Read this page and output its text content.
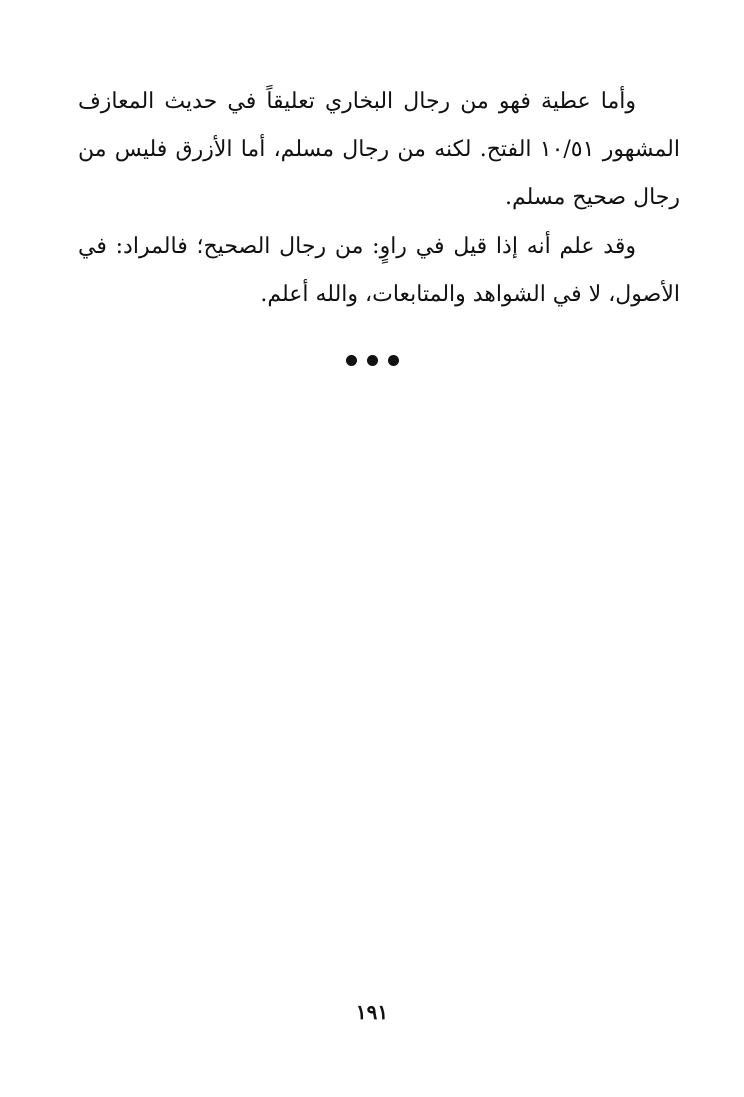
وأما عطية فهو من رجال البخاري تعليقاً في حديث المعازف
المشهور ١٠/٥١ الفتح. لكنه من رجال مسلم، أما الأزرق فليس من
رجال صحيح مسلم.
وقد علم أنه إذا قيل في راوٍ: من رجال الصحيح؛ فالمراد: في
الأصول، لا في الشواهد والمتابعات، والله أعلم.
١٩١
